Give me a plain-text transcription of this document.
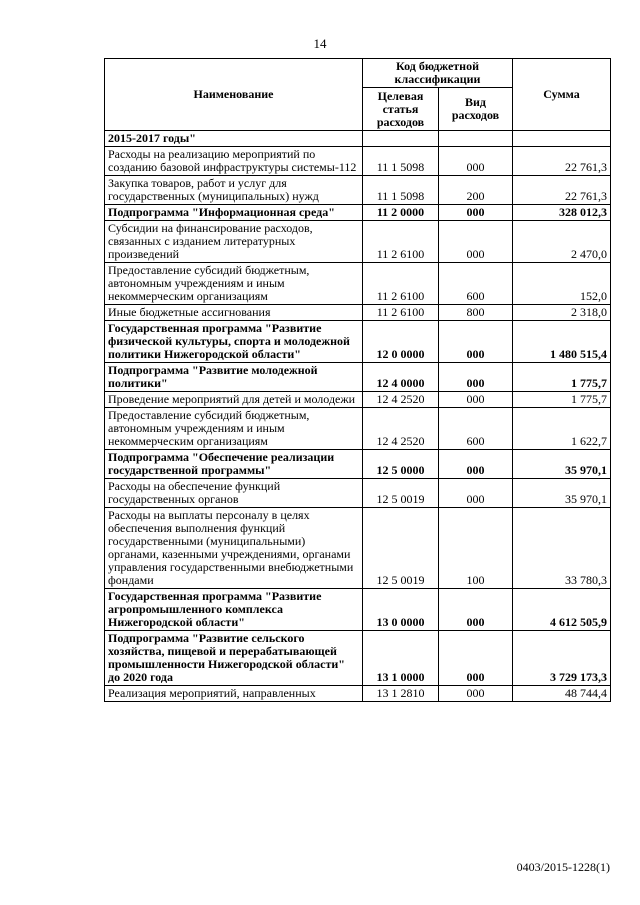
14
Наименование	Код бюджетной классификации		Сумма
	Целевая статья расходов	Вид расходов	
2015-2017 годы"			
Расходы на реализацию мероприятий по созданию базовой инфраструктуры системы-112	11 1 5098	000	22 761,3
Закупка товаров, работ и услуг для государственных (муниципальных) нужд	11 1 5098	200	22 761,3
Подпрограмма "Информационная среда"	11 2 0000	000	328 012,3
Субсидии на финансирование расходов, связанных с изданием литературных произведений	11 2 6100	000	2 470,0
Предоставление субсидий бюджетным, автономным учреждениям и иным некоммерческим организациям	11 2 6100	600	152,0
Иные бюджетные ассигнования	11 2 6100	800	2 318,0
Государственная программа "Развитие физической культуры, спорта и молодежной политики Нижегородской области"	12 0 0000	000	1 480 515,4
Подпрограмма "Развитие молодежной политики"	12 4 0000	000	1 775,7
Проведение мероприятий для детей и молодежи	12 4 2520	000	1 775,7
Предоставление субсидий бюджетным, автономным учреждениям и иным некоммерческим организациям	12 4 2520	600	1 622,7
Подпрограмма "Обеспечение реализации государственной программы"	12 5 0000	000	35 970,1
Расходы на обеспечение функций государственных органов	12 5 0019	000	35 970,1
Расходы на выплаты персоналу в целях обеспечения выполнения функций государственными (муниципальными) органами, казенными учреждениями, органами управления государственными внебюджетными фондами	12 5 0019	100	33 780,3
Государственная программа "Развитие агропромышленного комплекса Нижегородской области"	13 0 0000	000	4 612 505,9
Подпрограмма "Развитие сельского хозяйства, пищевой и перерабатывающей промышленности Нижегородской области" до 2020 года	13 1 0000	000	3 729 173,3
Реализация мероприятий, направленных	13 1 2810	000	48 744,4
0403/2015-1228(1)
